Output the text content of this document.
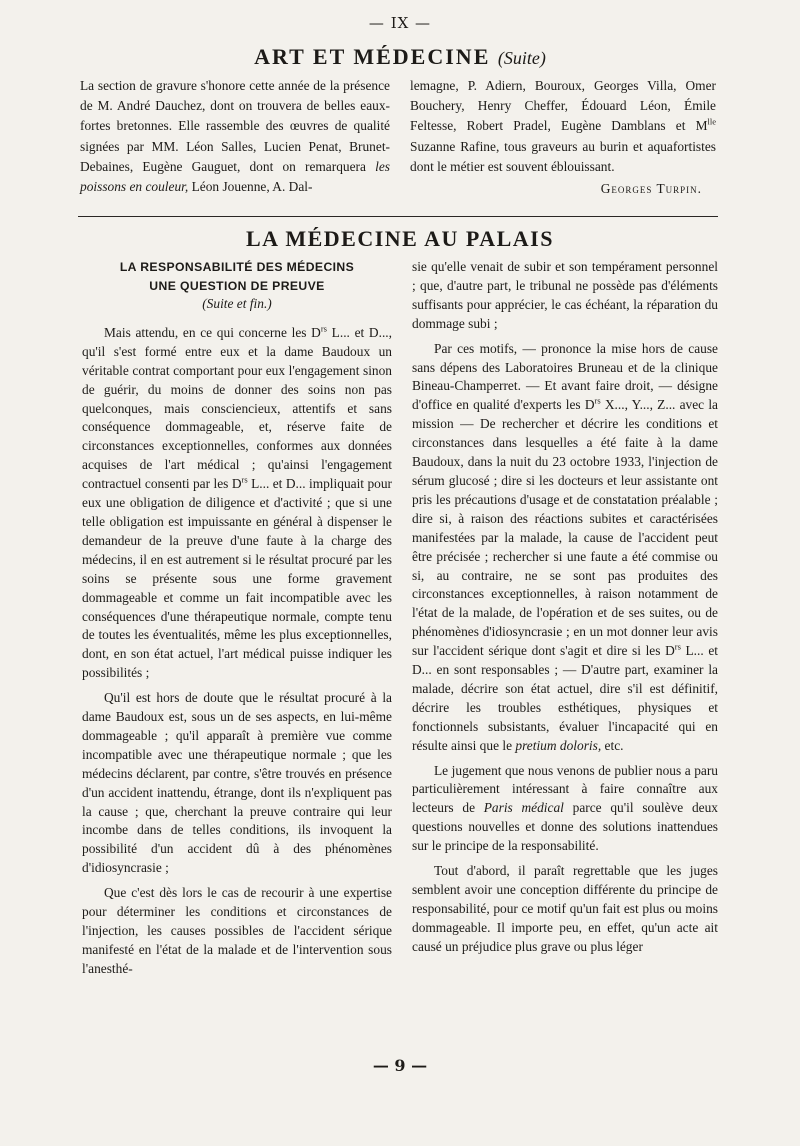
— IX —
ART ET MÉDECINE (Suite)
La section de gravure s'honore cette année de la présence de M. André Dauchez, dont on trouvera de belles eaux-fortes bretonnes. Elle rassemble des œuvres de qualité signées par MM. Léon Salles, Lucien Penat, Brunet-Debaines, Eugène Gauguet, dont on remarquera les poissons en couleur, Léon Jouenne, A. Dal-
lemagne, P. Adiern, Bouroux, Georges Villa, Omer Bouchery, Henry Cheffer, Édouard Léon, Émile Feltesse, Robert Pradel, Eugène Damblans et $M^{lle}$ Suzanne Rafine, tous graveurs au burin et aquafortistes dont le métier est souvent éblouissant.
Georges Turpin.
LA MÉDECINE AU PALAIS
LA RESPONSABILITÉ DES MÉDECINS
UNE QUESTION DE PREUVE
(Suite et fin.)

Mais attendu, en ce qui concerne les $D^{rs}$ L... et D..., qu'il s'est formé entre eux et la dame Baudoux un véritable contrat comportant pour eux l'engagement sinon de guérir, du moins de donner des soins non pas quelconques, mais consciencieux, attentifs et sans conséquence dommageable, et, réserve faite de circonstances exceptionnelles, conformes aux données acquises de l'art médical ; qu'ainsi l'engagement contractuel consenti par les $D^{rs}$ L... et D... impliquait pour eux une obligation de diligence et d'activité ; que si une telle obligation est impuissante en général à dispenser le demandeur de la preuve d'une faute à la charge des médecins, il en est autrement si le résultat procuré par les soins se présente sous une forme gravement dommageable et comme un fait incompatible avec les conséquences d'une thérapeutique normale, compte tenu de toutes les éventualités, même les plus exceptionnelles, dont, en son état actuel, l'art médical puisse indiquer les possibilités ;

Qu'il est hors de doute que le résultat procuré à la dame Baudoux est, sous un de ses aspects, en lui-même dommageable ; qu'il apparaît à première vue comme incompatible avec une thérapeutique normale ; que les médecins déclarent, par contre, s'être trouvés en présence d'un accident inattendu, étrange, dont ils n'expliquent pas la cause ; que, cherchant la preuve contraire qui leur incombe dans de telles conditions, ils invoquent la possibilité d'un accident dû à des phénomènes d'idiosyncrasie ;

Que c'est dès lors le cas de recourir à une expertise pour déterminer les conditions et circonstances de l'injection, les causes possibles de l'accident sérique manifesté en l'état de la malade et de l'intervention sous l'anesthé-

sie qu'elle venait de subir et son tempérament personnel ; que, d'autre part, le tribunal ne possède pas d'éléments suffisants pour apprécier, le cas échéant, la réparation du dommage subi ;

Par ces motifs, — prononce la mise hors de cause sans dépens des Laboratoires Bruneau et de la clinique Bineau-Champerret. — Et avant faire droit, — désigne d'office en qualité d'experts les $D^{rs}$ X..., Y..., Z... avec la mission — De rechercher et décrire les conditions et circonstances dans lesquelles a été faite à la dame Baudoux, dans la nuit du 23 octobre 1933, l'injection de sérum glucosé ; dire si les docteurs et leur assistante ont pris les précautions d'usage et de constatation préalable ; dire si, à raison des réactions subites et caractérisées manifestées par la malade, la cause de l'accident peut être précisée ; rechercher si une faute a été commise ou si, au contraire, ne se sont pas produites des circonstances exceptionnelles, à raison notamment de l'état de la malade, de l'opération et de ses suites, ou de phénomènes d'idiosyncrasie ; en un mot donner leur avis sur l'accident sérique dont s'agit et dire si les $D^{rs}$ L... et D... en sont responsables ; — D'autre part, examiner la malade, décrire son état actuel, dire s'il est définitif, décrire les troubles esthétiques, physiques et fonctionnels subsistants, évaluer l'incapacité qui en résulte ainsi que le pretium doloris, etc.

Le jugement que nous venons de publier nous a paru particulièrement intéressant à faire connaître aux lecteurs de Paris médical parce qu'il soulève deux questions nouvelles et donne des solutions inattendues sur le principe de la responsabilité.

Tout d'abord, il paraît regrettable que les juges semblent avoir une conception différente du principe de responsabilité, pour ce motif qu'un fait est plus ou moins dommageable. Il importe peu, en effet, qu'un acte ait causé un préjudice plus grave ou plus léger

— 9 —
